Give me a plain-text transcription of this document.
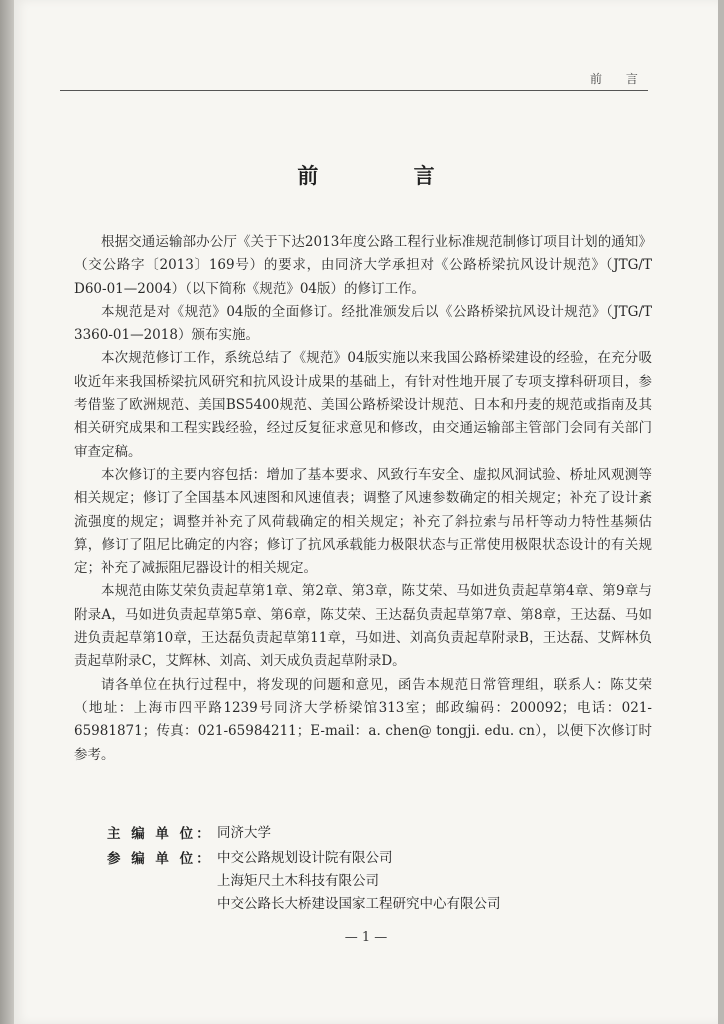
前 言
前 言

根据交通运输部办公厅《关于下达2013年度公路工程行业标准规范制修订项目计划的通知》（交公路字〔2013〕169号）的要求，由同济大学承担对《公路桥梁抗风设计规范》（JTG/T D60-01—2004）（以下简称《规范》04版）的修订工作。

本规范是对《规范》04版的全面修订。经批准颁发后以《公路桥梁抗风设计规范》（JTG/T 3360-01—2018）颁布实施。

本次规范修订工作，系统总结了《规范》04版实施以来我国公路桥梁建设的经验，在充分吸收近年来我国桥梁抗风研究和抗风设计成果的基础上，有针对性地开展了专项支撑科研项目，参考借鉴了欧洲规范、美国BS5400规范、美国公路桥梁设计规范、日本和丹麦的规范或指南及其相关研究成果和工程实践经验，经过反复征求意见和修改，由交通运输部主管部门会同有关部门审查定稿。

本次修订的主要内容包括：增加了基本要求、风致行车安全、虚拟风洞试验、桥址风观测等相关规定；修订了全国基本风速图和风速值表；调整了风速参数确定的相关规定；补充了设计紊流强度的规定；调整并补充了风荷载确定的相关规定；补充了斜拉索与吊杆等动力特性基频估算，修订了阻尼比确定的内容；修订了抗风承载能力极限状态与正常使用极限状态设计的有关规定；补充了减振阻尼器设计的相关规定。

本规范由陈艾荣负责起草第1章、第2章、第3章，陈艾荣、马如进负责起草第4章、第9章与附录A，马如进负责起草第5章、第6章，陈艾荣、王达磊负责起草第7章、第8章，王达磊、马如进负责起草第10章，王达磊负责起草第11章，马如进、刘高负责起草附录B，王达磊、艾辉林负责起草附录C，艾辉林、刘高、刘天成负责起草附录D。

请各单位在执行过程中，将发现的问题和意见，函告本规范日常管理组，联系人：陈艾荣（地址：上海市四平路1239号同济大学桥梁馆313室；邮政编码：200092；电话：021-65981871；传真：021-65984211；E-mail：a. chen@ tongji. edu. cn），以便下次修订时参考。

主 编 单 位： 同济大学
参 编 单 位： 中交公路规划设计院有限公司
上海矩尺土木科技有限公司
中交公路长大桥建设国家工程研究中心有限公司
— 1 —
